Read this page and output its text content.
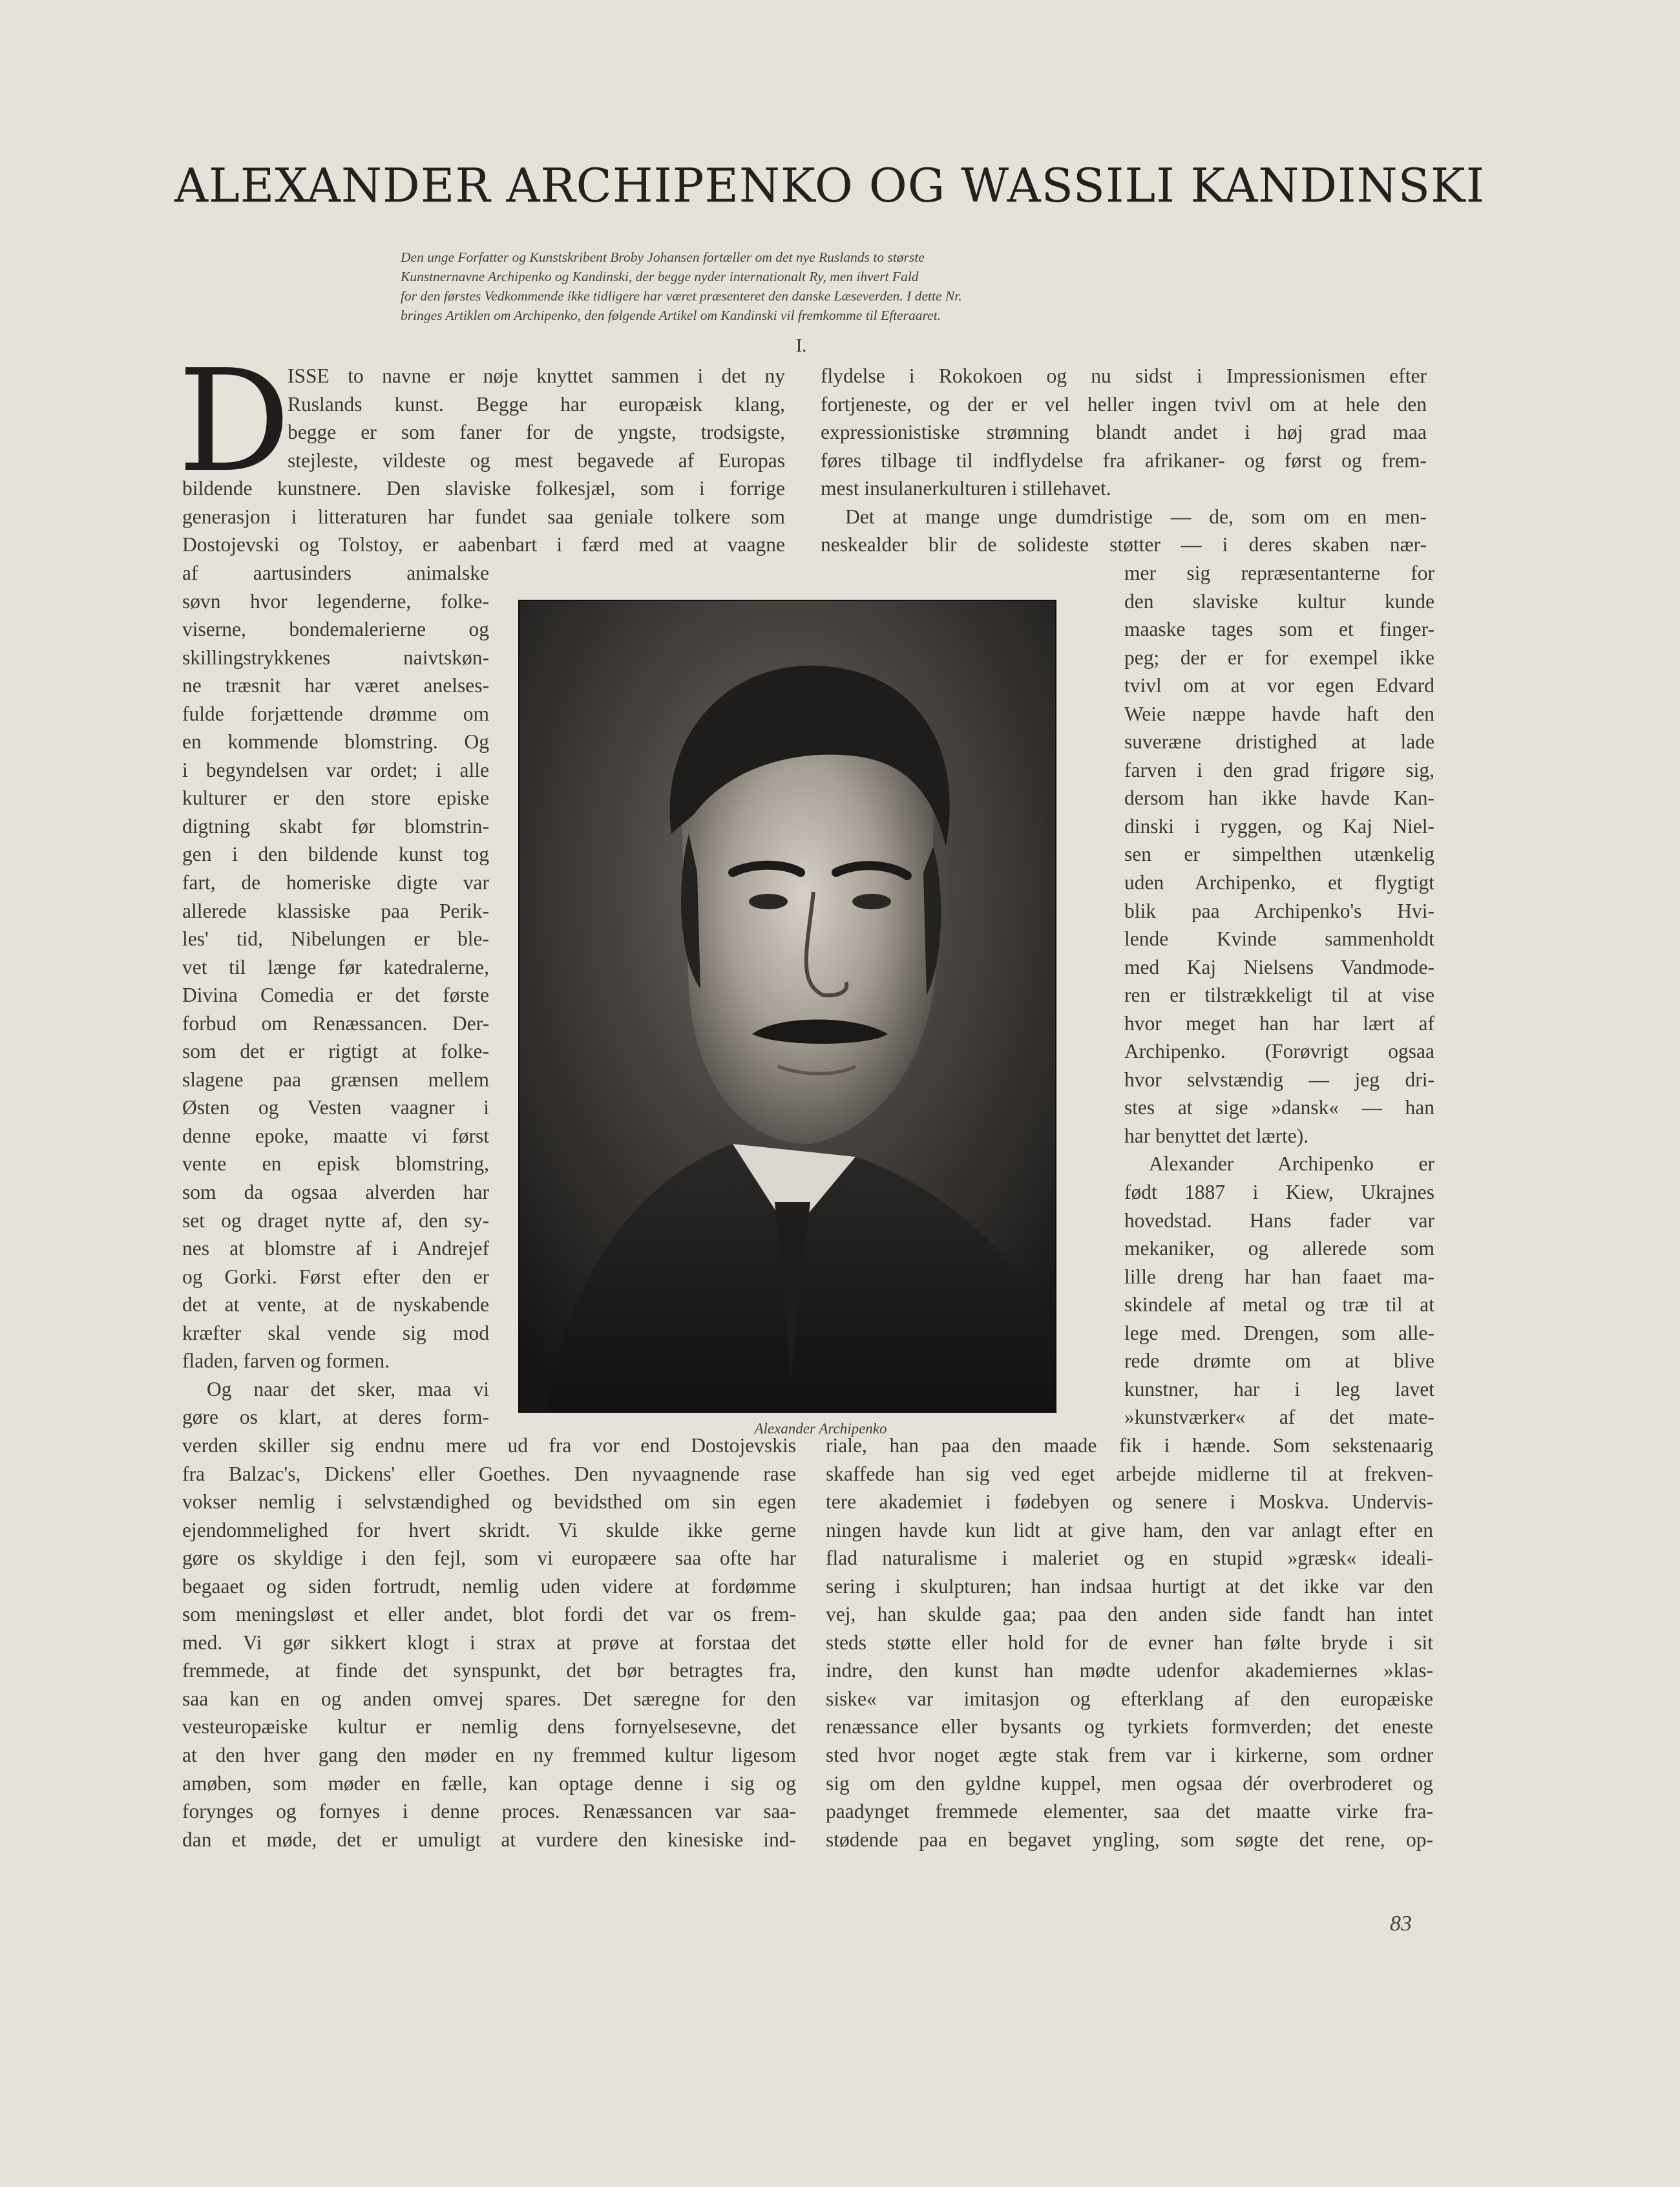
ALEXANDER ARCHIPENKO OG WASSILI KANDINSKI
Den unge Forfatter og Kunstskribent Broby Johansen fortæller om det nye Ruslands to største
Kunstnernavne Archipenko og Kandinski, der begge nyder internationalt Ry, men ihvert Fald
for den førstes Vedkommende ikke tidligere har været præsenteret den danske Læseverden. I dette Nr.
bringes Artiklen om Archipenko, den følgende Artikel om Kandinski vil fremkomme til Efteraaret.
I.
D
ISSE to navne er nøje knyttet sammen i det ny
Ruslands kunst. Begge har europæisk klang,
begge er som faner for de yngste, trodsigste,
stejleste, vildeste og mest begavede af Europas
bildende kunstnere. Den slaviske folkesjæl, som i forrige
generasjon i litteraturen har fundet saa geniale tolkere som
Dostojevski og Tolstoy, er aabenbart i færd med at vaagne
af aartusinders animalske
søvn hvor legenderne, folke-
viserne, bondemalerierne og
skillingstrykkenes naivtskøn-
ne træsnit har været anelses-
fulde forjættende drømme om
en kommende blomstring. Og
i begyndelsen var ordet; i alle
kulturer er den store episke
digtning skabt før blomstrin-
gen i den bildende kunst tog
fart, de homeriske digte var
allerede klassiske paa Perik-
les' tid, Nibelungen er ble-
vet til længe før katedralerne,
Divina Comedia er det første
forbud om Renæssancen. Der-
som det er rigtigt at folke-
slagene paa grænsen mellem
Østen og Vesten vaagner i
denne epoke, maatte vi først
vente en episk blomstring,
som da ogsaa alverden har
set og draget nytte af, den sy-
nes at blomstre af i Andrejef
og Gorki. Først efter den er
det at vente, at de nyskabende
kræfter skal vende sig mod
fladen, farven og formen.
Og naar det sker, maa vi
gøre os klart, at deres form-
verden skiller sig endnu mere ud fra vor end Dostojevskis
fra Balzac's, Dickens' eller Goethes. Den nyvaagnende rase
vokser nemlig i selvstændighed og bevidsthed om sin egen
ejendommelighed for hvert skridt. Vi skulde ikke gerne
gøre os skyldige i den fejl, som vi europæere saa ofte har
begaaet og siden fortrudt, nemlig uden videre at fordømme
som meningsløst et eller andet, blot fordi det var os frem-
med. Vi gør sikkert klogt i strax at prøve at forstaa det
fremmede, at finde det synspunkt, det bør betragtes fra,
saa kan en og anden omvej spares. Det særegne for den
vesteuropæiske kultur er nemlig dens fornyelsesevne, det
at den hver gang den møder en ny fremmed kultur ligesom
amøben, som møder en fælle, kan optage denne i sig og
forynges og fornyes i denne proces. Renæssancen var saa-
dan et møde, det er umuligt at vurdere den kinesiske ind-
flydelse i Rokokoen og nu sidst i Impressionismen efter
fortjeneste, og der er vel heller ingen tvivl om at hele den
expressionistiske strømning blandt andet i høj grad maa
føres tilbage til indflydelse fra afrikaner- og først og frem-
mest insulanerkulturen i stillehavet.
Det at mange unge dumdristige — de, som om en men-
neskealder blir de solideste støtter — i deres skaben nær-
mer sig repræsentanterne for
den slaviske kultur kunde
maaske tages som et finger-
peg; der er for exempel ikke
tvivl om at vor egen Edvard
Weie næppe havde haft den
suveræne dristighed at lade
farven i den grad frigøre sig,
dersom han ikke havde Kan-
dinski i ryggen, og Kaj Niel-
sen er simpelthen utænkelig
uden Archipenko, et flygtigt
blik paa Archipenko's Hvi-
lende Kvinde sammenholdt
med Kaj Nielsens Vandmode-
ren er tilstrækkeligt til at vise
hvor meget han har lært af
Archipenko. (Forøvrigt ogsaa
hvor selvstændig — jeg dri-
stes at sige »dansk« — han
har benyttet det lærte).
Alexander Archipenko er
født 1887 i Kiew, Ukrajnes
hovedstad. Hans fader var
mekaniker, og allerede som
lille dreng har han faaet ma-
skindele af metal og træ til at
lege med. Drengen, som alle-
rede drømte om at blive
kunstner, har i leg lavet
»kunstværker« af det mate-
riale, han paa den maade fik i hænde. Som sekstenaarig
skaffede han sig ved eget arbejde midlerne til at frekven-
tere akademiet i fødebyen og senere i Moskva. Undervis-
ningen havde kun lidt at give ham, den var anlagt efter en
flad naturalisme i maleriet og en stupid »græsk« ideali-
sering i skulpturen; han indsaa hurtigt at det ikke var den
vej, han skulde gaa; paa den anden side fandt han intet
steds støtte eller hold for de evner han følte bryde i sit
indre, den kunst han mødte udenfor akademiernes »klas-
siske« var imitasjon og efterklang af den europæiske
renæssance eller bysants og tyrkiets formverden; det eneste
sted hvor noget ægte stak frem var i kirkerne, som ordner
sig om den gyldne kuppel, men ogsaa dér overbroderet og
paadynget fremmede elementer, saa det maatte virke fra-
stødende paa en begavet yngling, som søgte det rene, op-
Alexander Archipenko
83
